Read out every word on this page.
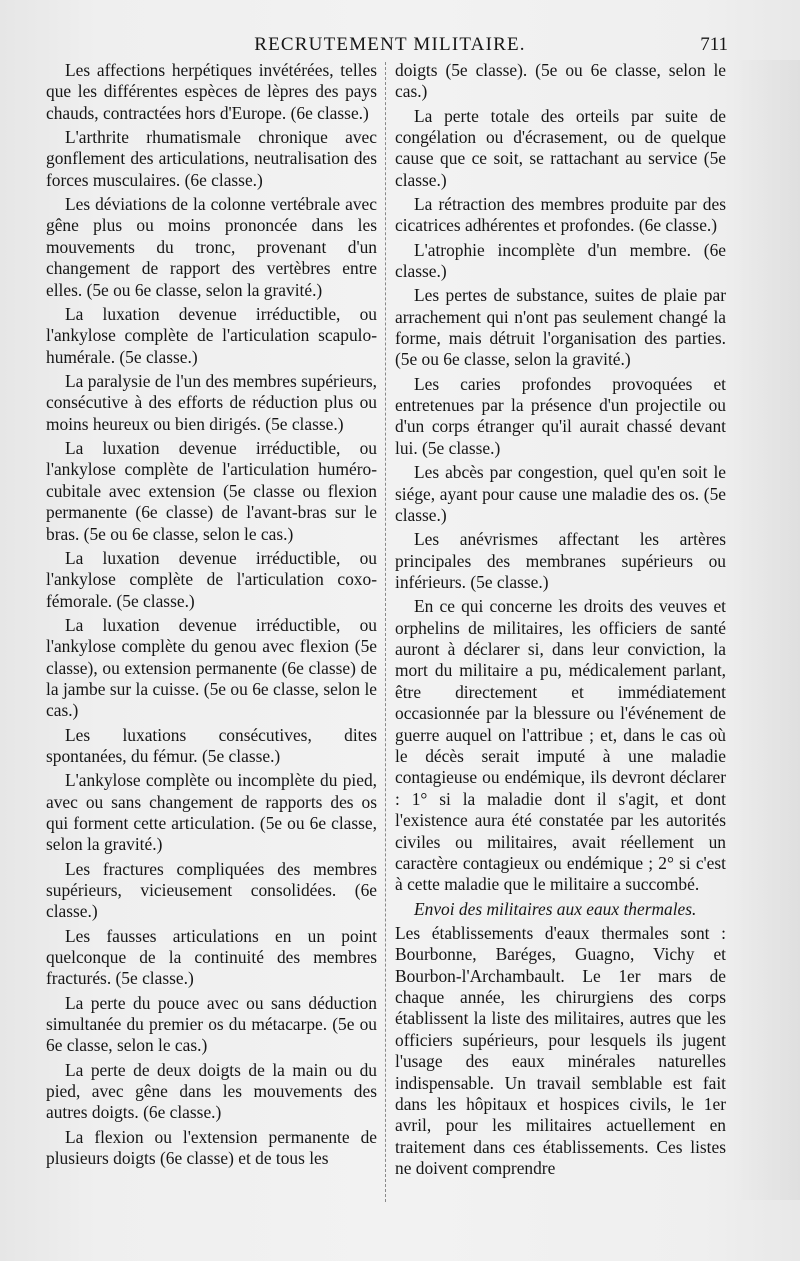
RECRUTEMENT MILITAIRE.	711

Les affections herpétiques invétérées, telles que les différentes espèces de lèpres des pays chauds, contractées hors d'Europe. (6e classe.)

L'arthrite rhumatismale chronique avec gonflement des articulations, neutralisation des forces musculaires. (6e classe.)

Les déviations de la colonne vertébrale avec gêne plus ou moins prononcée dans les mouvements du tronc, provenant d'un changement de rapport des vertèbres entre elles. (5e ou 6e classe, selon la gravité.)

La luxation devenue irréductible, ou l'ankylose complète de l'articulation scapulo-humérale. (5e classe.)

La paralysie de l'un des membres supérieurs, consécutive à des efforts de réduction plus ou moins heureux ou bien dirigés. (5e classe.)

La luxation devenue irréductible, ou l'ankylose complète de l'articulation huméro-cubitale avec extension (5e classe ou flexion permanente (6e classe) de l'avant-bras sur le bras. (5e ou 6e classe, selon le cas.)

La luxation devenue irréductible, ou l'ankylose complète de l'articulation coxo-fémorale. (5e classe.)

La luxation devenue irréductible, ou l'ankylose complète du genou avec flexion (5e classe), ou extension permanente (6e classe) de la jambe sur la cuisse. (5e ou 6e classe, selon le cas.)

Les luxations consécutives, dites spontanées, du fémur. (5e classe.)

L'ankylose complète ou incomplète du pied, avec ou sans changement de rapports des os qui forment cette articulation. (5e ou 6e classe, selon la gravité.)

Les fractures compliquées des membres supérieurs, vicieusement consolidées. (6e classe.)

Les fausses articulations en un point quelconque de la continuité des membres fracturés. (5e classe.)

La perte du pouce avec ou sans déduction simultanée du premier os du métacarpe. (5e ou 6e classe, selon le cas.)

La perte de deux doigts de la main ou du pied, avec gêne dans les mouvements des autres doigts. (6e classe.)

La flexion ou l'extension permanente de plusieurs doigts (6e classe) et de tous les

doigts (5e classe). (5e ou 6e classe, selon le cas.)

La perte totale des orteils par suite de congélation ou d'écrasement, ou de quelque cause que ce soit, se rattachant au service (5e classe.)

La rétraction des membres produite par des cicatrices adhérentes et profondes. (6e classe.)

L'atrophie incomplète d'un membre. (6e classe.)

Les pertes de substance, suites de plaie par arrachement qui n'ont pas seulement changé la forme, mais détruit l'organisation des parties. (5e ou 6e classe, selon la gravité.)

Les caries profondes provoquées et entretenues par la présence d'un projectile ou d'un corps étranger qu'il aurait chassé devant lui. (5e classe.)

Les abcès par congestion, quel qu'en soit le siége, ayant pour cause une maladie des os. (5e classe.)

Les anévrismes affectant les artères principales des membranes supérieurs ou inférieurs. (5e classe.)

En ce qui concerne les droits des veuves et orphelins de militaires, les officiers de santé auront à déclarer si, dans leur conviction, la mort du militaire a pu, médicalement parlant, être directement et immédiatement occasionnée par la blessure ou l'événement de guerre auquel on l'attribue ; et, dans le cas où le décès serait imputé à une maladie contagieuse ou endémique, ils devront déclarer : 1° si la maladie dont il s'agit, et dont l'existence aura été constatée par les autorités civiles ou militaires, avait réellement un caractère contagieux ou endémique ; 2° si c'est à cette maladie que le militaire a succombé.

Envoi des militaires aux eaux thermales.

Les établissements d'eaux thermales sont : Bourbonne, Baréges, Guagno, Vichy et Bourbon-l'Archambault. Le 1er mars de chaque année, les chirurgiens des corps établissent la liste des militaires, autres que les officiers supérieurs, pour lesquels ils jugent l'usage des eaux minérales naturelles indispensable. Un travail semblable est fait dans les hôpitaux et hospices civils, le 1er avril, pour les militaires actuellement en traitement dans ces établissements. Ces listes ne doivent comprendre
